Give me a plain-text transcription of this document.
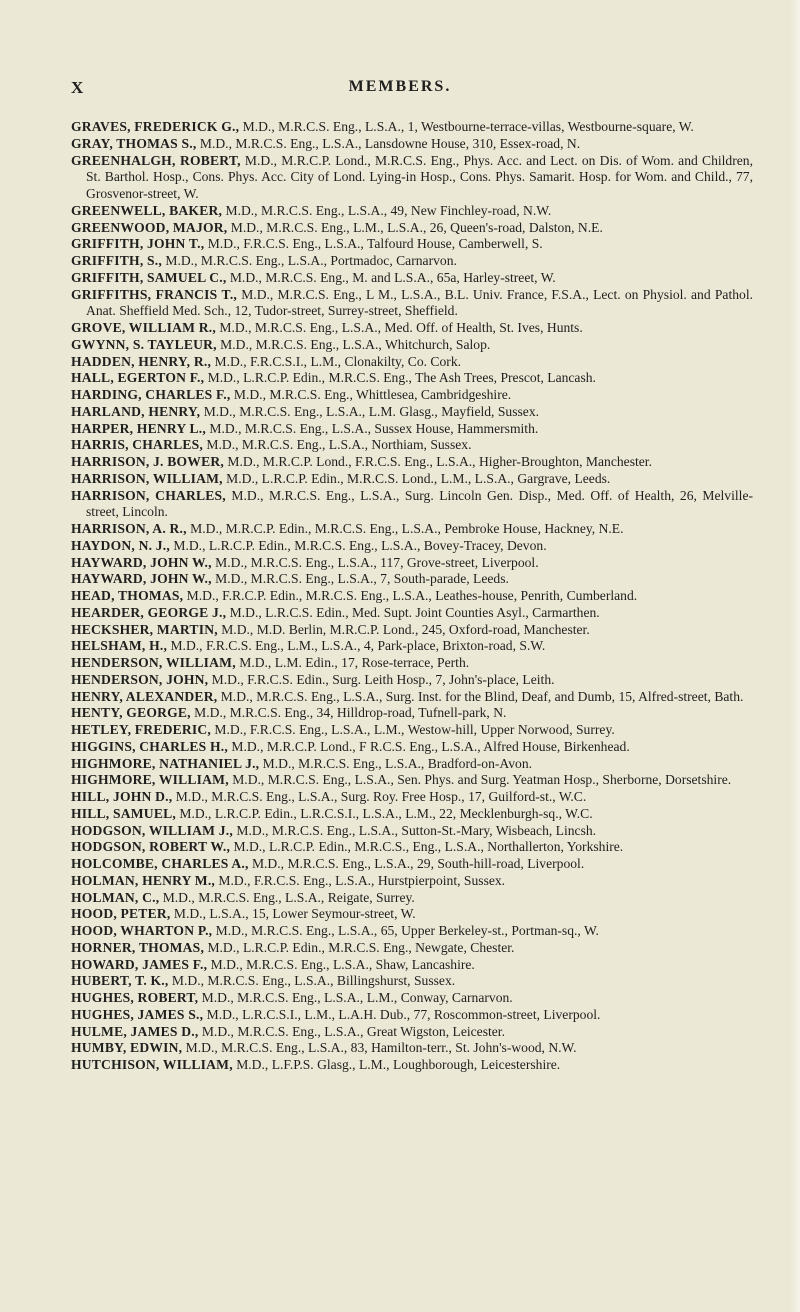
X	MEMBERS.

GRAVES, FREDERICK G., M.D., M.R.C.S. Eng., L.S.A., 1, Westbourne-terrace-villas, Westbourne-square, W.

GRAY, THOMAS S., M.D., M.R.C.S. Eng., L.S.A., Lansdowne House, 310, Essex-road, N.

GREENHALGH, ROBERT, M.D., M.R.C.P. Lond., M.R.C.S. Eng., Phys. Acc. and Lect. on Dis. of Wom. and Children, St. Barthol. Hosp., Cons. Phys. Acc. City of Lond. Lying-in Hosp., Cons. Phys. Samarit. Hosp. for Wom. and Child., 77, Grosvenor-street, W.

GREENWELL, BAKER, M.D., M.R.C.S. Eng., L.S.A., 49, New Finchley-road, N.W.

GREENWOOD, MAJOR, M.D., M.R.C.S. Eng., L.M., L.S.A., 26, Queen's-road, Dalston, N.E.

GRIFFITH, JOHN T., M.D., F.R.C.S. Eng., L.S.A., Talfourd House, Camberwell, S.

GRIFFITH, S., M.D., M.R.C.S. Eng., L.S.A., Portmadoc, Carnarvon.

GRIFFITH, SAMUEL C., M.D., M.R.C.S. Eng., M. and L.S.A., 65a, Harley-street, W.

GRIFFITHS, FRANCIS T., M.D., M.R.C.S. Eng., L M., L.S.A., B.L. Univ. France, F.S.A., Lect. on Physiol. and Pathol. Anat. Sheffield Med. Sch., 12, Tudor-street, Surrey-street, Sheffield.

GROVE, WILLIAM R., M.D., M.R.C.S. Eng., L.S.A., Med. Off. of Health, St. Ives, Hunts.

GWYNN, S. TAYLEUR, M.D., M.R.C.S. Eng., L.S.A., Whitchurch, Salop.

HADDEN, HENRY, R., M.D., F.R.C.S.I., L.M., Clonakilty, Co. Cork.

HALL, EGERTON F., M.D., L.R.C.P. Edin., M.R.C.S. Eng., The Ash Trees, Prescot, Lancash.

HARDING, CHARLES F., M.D., M.R.C.S. Eng., Whittlesea, Cambridgeshire.

HARLAND, HENRY, M.D., M.R.C.S. Eng., L.S.A., L.M. Glasg., Mayfield, Sussex.

HARPER, HENRY L., M.D., M.R.C.S. Eng., L.S.A., Sussex House, Hammersmith.

HARRIS, CHARLES, M.D., M.R.C.S. Eng., L.S.A., Northiam, Sussex.

HARRISON, J. BOWER, M.D., M.R.C.P. Lond., F.R.C.S. Eng., L.S.A., Higher-Broughton, Manchester.

HARRISON, WILLIAM, M.D., L.R.C.P. Edin., M.R.C.S. Lond., L.M., L.S.A., Gargrave, Leeds.

HARRISON, CHARLES, M.D., M.R.C.S. Eng., L.S.A., Surg. Lincoln Gen. Disp., Med. Off. of Health, 26, Melville-street, Lincoln.

HARRISON, A. R., M.D., M.R.C.P. Edin., M.R.C.S. Eng., L.S.A., Pembroke House, Hackney, N.E.

HAYDON, N. J., M.D., L.R.C.P. Edin., M.R.C.S. Eng., L.S.A., Bovey-Tracey, Devon.

HAYWARD, JOHN W., M.D., M.R.C.S. Eng., L.S.A., 117, Grove-street, Liverpool.

HAYWARD, JOHN W., M.D., M.R.C.S. Eng., L.S.A., 7, South-parade, Leeds.

HEAD, THOMAS, M.D., F.R.C.P. Edin., M.R.C.S. Eng., L.S.A., Leathes-house, Penrith, Cumberland.

HEARDER, GEORGE J., M.D., L.R.C.S. Edin., Med. Supt. Joint Counties Asyl., Carmarthen.

HECKSHER, MARTIN, M.D., M.D. Berlin, M.R.C.P. Lond., 245, Oxford-road, Manchester.

HELSHAM, H., M.D., F.R.C.S. Eng., L.M., L.S.A., 4, Park-place, Brixton-road, S.W.

HENDERSON, WILLIAM, M.D., L.M. Edin., 17, Rose-terrace, Perth.

HENDERSON, JOHN, M.D., F.R.C.S. Edin., Surg. Leith Hosp., 7, John's-place, Leith.

HENRY, ALEXANDER, M.D., M.R.C.S. Eng., L.S.A., Surg. Inst. for the Blind, Deaf, and Dumb, 15, Alfred-street, Bath.

HENTY, GEORGE, M.D., M.R.C.S. Eng., 34, Hilldrop-road, Tufnell-park, N.

HETLEY, FREDERIC, M.D., F.R.C.S. Eng., L.S.A., L.M., Westow-hill, Upper Norwood, Surrey.

HIGGINS, CHARLES H., M.D., M.R.C.P. Lond., F R.C.S. Eng., L.S.A., Alfred House, Birkenhead.

HIGHMORE, NATHANIEL J., M.D., M.R.C.S. Eng., L.S.A., Bradford-on-Avon.

HIGHMORE, WILLIAM, M.D., M.R.C.S. Eng., L.S.A., Sen. Phys. and Surg. Yeatman Hosp., Sherborne, Dorsetshire.

HILL, JOHN D., M.D., M.R.C.S. Eng., L.S.A., Surg. Roy. Free Hosp., 17, Guilford-st., W.C.

HILL, SAMUEL, M.D., L.R.C.P. Edin., L.R.C.S.I., L.S.A., L.M., 22, Mecklenburgh-sq., W.C.

HODGSON, WILLIAM J., M.D., M.R.C.S. Eng., L.S.A., Sutton-St.-Mary, Wisbeach, Lincsh.

HODGSON, ROBERT W., M.D., L.R.C.P. Edin., M.R.C.S., Eng., L.S.A., Northallerton, Yorkshire.

HOLCOMBE, CHARLES A., M.D., M.R.C.S. Eng., L.S.A., 29, South-hill-road, Liverpool.

HOLMAN, HENRY M., M.D., F.R.C.S. Eng., L.S.A., Hurstpierpoint, Sussex.

HOLMAN, C., M.D., M.R.C.S. Eng., L.S.A., Reigate, Surrey.

HOOD, PETER, M.D., L.S.A., 15, Lower Seymour-street, W.

HOOD, WHARTON P., M.D., M.R.C.S. Eng., L.S.A., 65, Upper Berkeley-st., Portman-sq., W.

HORNER, THOMAS, M.D., L.R.C.P. Edin., M.R.C.S. Eng., Newgate, Chester.

HOWARD, JAMES F., M.D., M.R.C.S. Eng., L.S.A., Shaw, Lancashire.

HUBERT, T. K., M.D., M.R.C.S. Eng., L.S.A., Billingshurst, Sussex.

HUGHES, ROBERT, M.D., M.R.C.S. Eng., L.S.A., L.M., Conway, Carnarvon.

HUGHES, JAMES S., M.D., L.R.C.S.I., L.M., L.A.H. Dub., 77, Roscommon-street, Liverpool.

HULME, JAMES D., M.D., M.R.C.S. Eng., L.S.A., Great Wigston, Leicester.

HUMBY, EDWIN, M.D., M.R.C.S. Eng., L.S.A., 83, Hamilton-terr., St. John's-wood, N.W.

HUTCHISON, WILLIAM, M.D., L.F.P.S. Glasg., L.M., Loughborough, Leicestershire.
